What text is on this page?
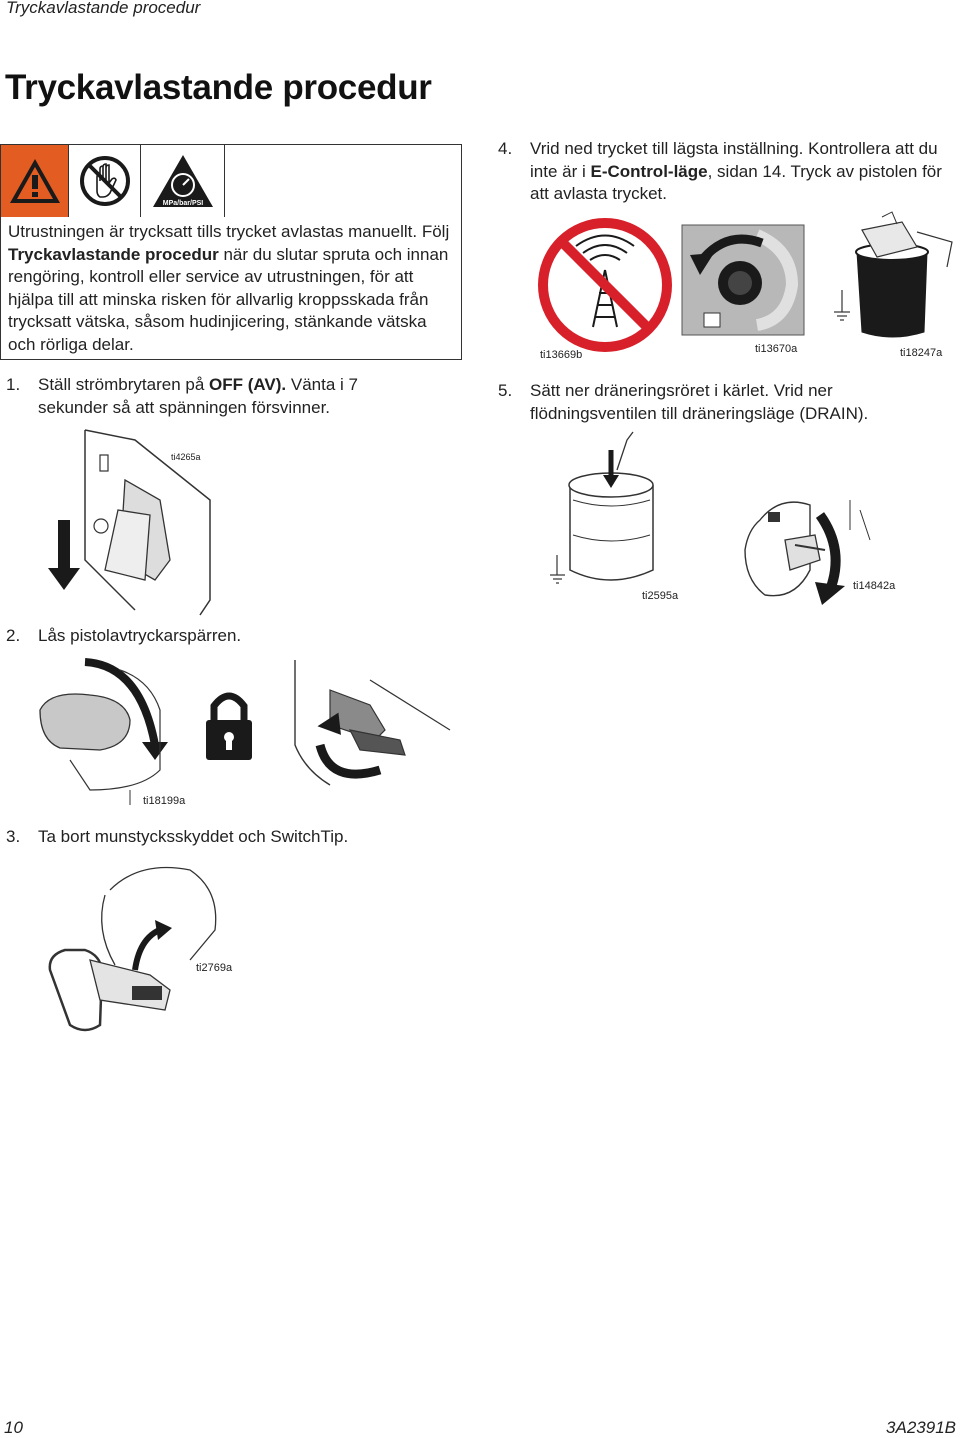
Tryckavlastande procedur
Tryckavlastande procedur
MPa/bar/PSI
Utrustningen är trycksatt tills trycket avlastas manuellt. Följ Tryckavlastande procedur när du slutar spruta och innan rengöring, kontroll eller service av utrustningen, för att hjälpa till att minska risken för allvarlig kroppsskada från trycksatt vätska, såsom hudinjicering, stänkande vätska och rörliga delar.
1. Ställ strömbrytaren på OFF (AV). Vänta i 7 sekunder så att spänningen försvinner.
ti4265a
2. Lås pistolavtryckarspärren.
ti18199a
3. Ta bort munstycksskyddet och SwitchTip.
ti2769a
4. Vrid ned trycket till lägsta inställning. Kontrollera att du inte är i E-Control-läge, sidan 14. Tryck av pistolen för att avlasta trycket.
ti13669b	ti13670a	ti18247a
5. Sätt ner dräneringsröret i kärlet. Vrid ner flödningsventilen till dräneringsläge (DRAIN).
ti2595a
ti14842a
10	3A2391B
